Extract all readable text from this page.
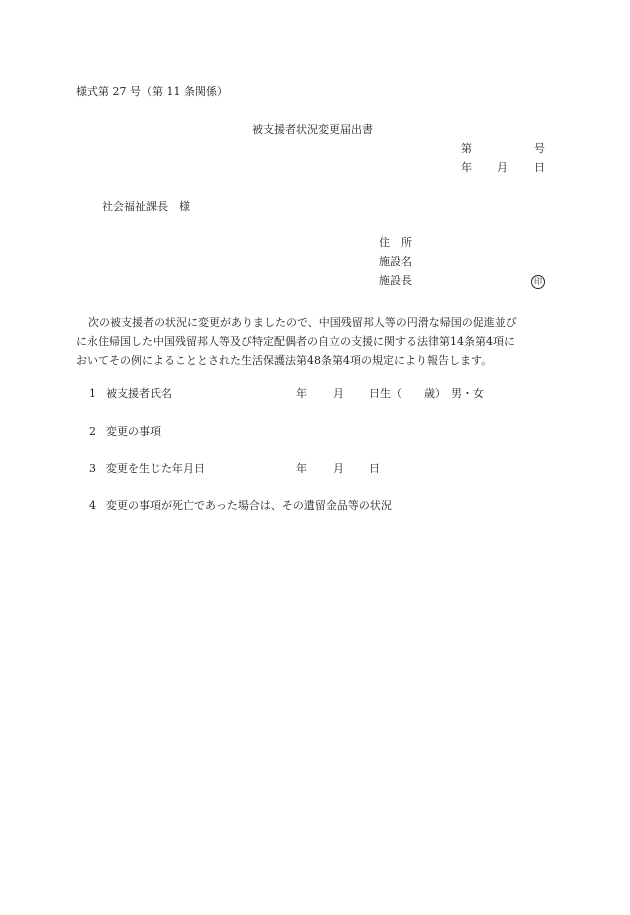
様式第 27 号（第 11 条関係）
被支援者状況変更届出書
第	号
年 月 日
社会福祉課長　様
住　所
施設名
施設長	印

次の被支援者の状況に変更がありましたので、中国残留邦人等の円滑な帰国の促進並び

に永住帰国した中国残留邦人等及び特定配偶者の自立の支援に関する法律第14条第4項に

おいてその例によることとされた生活保護法第48条第4項の規定により報告します。

1 被支援者氏名	年 月 日生（　　歳） 男・女
2 変更の事項
3 変更を生じた年月日	年 月 日
4 変更の事項が死亡であった場合は、その遺留金品等の状況
